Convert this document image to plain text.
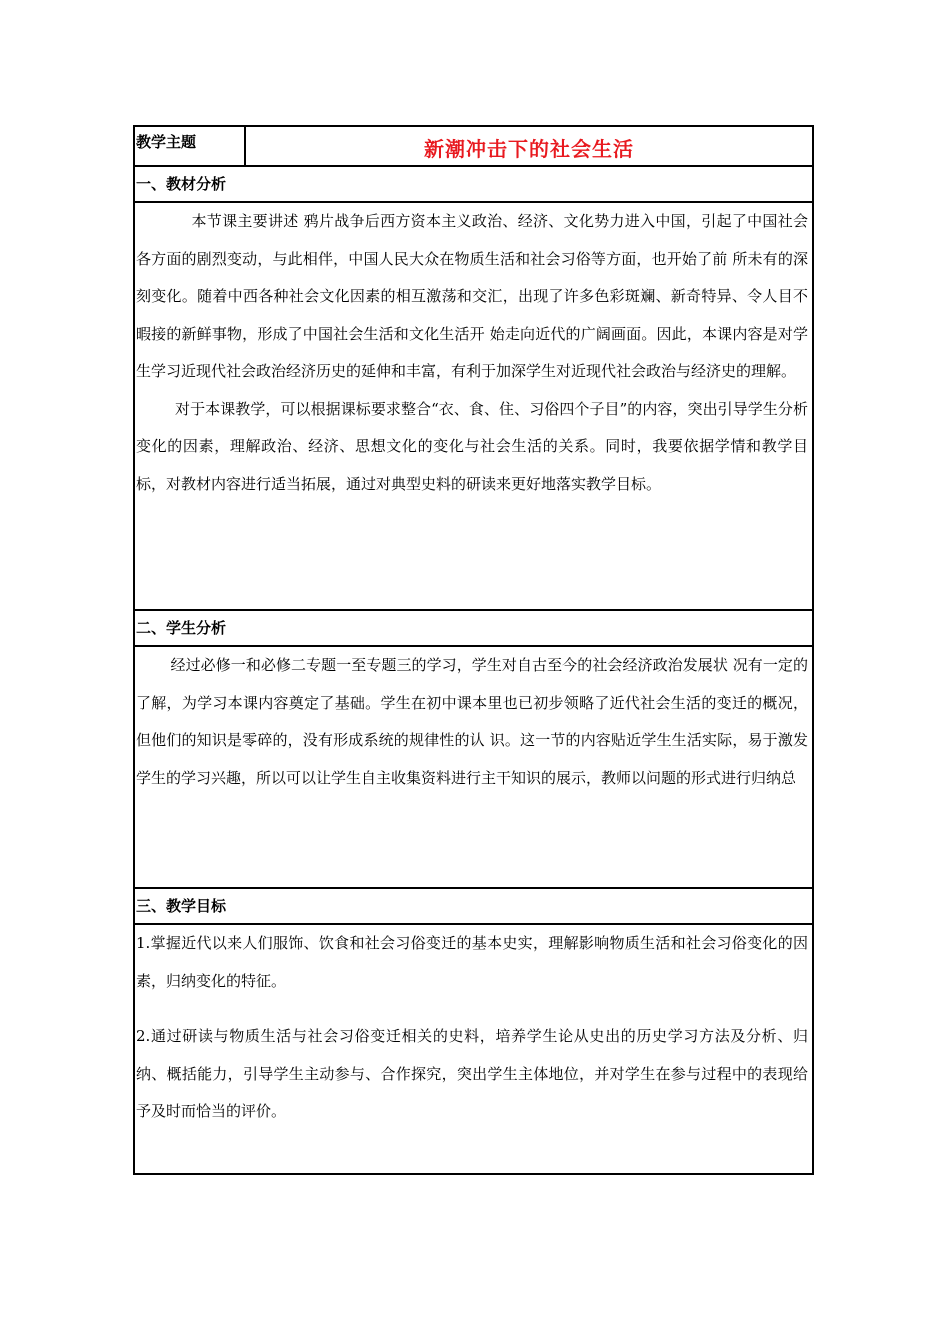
教学主题	新潮冲击下的社会生活
一、教材分析

本节课主要讲述 鸦片战争后西方资本主义政治、经济、文化势力进入中国，引起了中国社会各方面的剧烈变动，与此相伴，中国人民大众在物质生活和社会习俗等方面，也开始了前 所未有的深刻变化。随着中西各种社会文化因素的相互激荡和交汇，出现了许多色彩斑斓、新奇特异、令人目不暇接的新鲜事物，形成了中国社会生活和文化生活开 始走向近代的广阔画面。因此，本课内容是对学生学习近现代社会政治经济历史的延伸和丰富，有利于加深学生对近现代社会政治与经济史的理解。

对于本课教学，可以根据课标要求整合“衣、食、住、习俗四个子目”的内容，突出引导学生分析变化的因素，理解政治、经济、思想文化的变化与社会生活的关系。同时，我要依据学情和教学目标，对教材内容进行适当拓展，通过对典型史料的研读来更好地落实教学目标。

二、学生分析

经过必修一和必修二专题一至专题三的学习，学生对自古至今的社会经济政治发展状 况有一定的了解，为学习本课内容奠定了基础。学生在初中课本里也已初步领略了近代社会生活的变迁的概况，但他们的知识是零碎的，没有形成系统的规律性的认 识。这一节的内容贴近学生生活实际，易于激发学生的学习兴趣，所以可以让学生自主收集资料进行主干知识的展示，教师以问题的形式进行归纳总

三、教学目标

1.掌握近代以来人们服饰、饮食和社会习俗变迁的基本史实，理解影响物质生活和社会习俗变化的因素，归纳变化的特征。

2.通过研读与物质生活与社会习俗变迁相关的史料，培养学生论从史出的历史学习方法及分析、归纳、概括能力，引导学生主动参与、合作探究，突出学生主体地位，并对学生在参与过程中的表现给予及时而恰当的评价。
